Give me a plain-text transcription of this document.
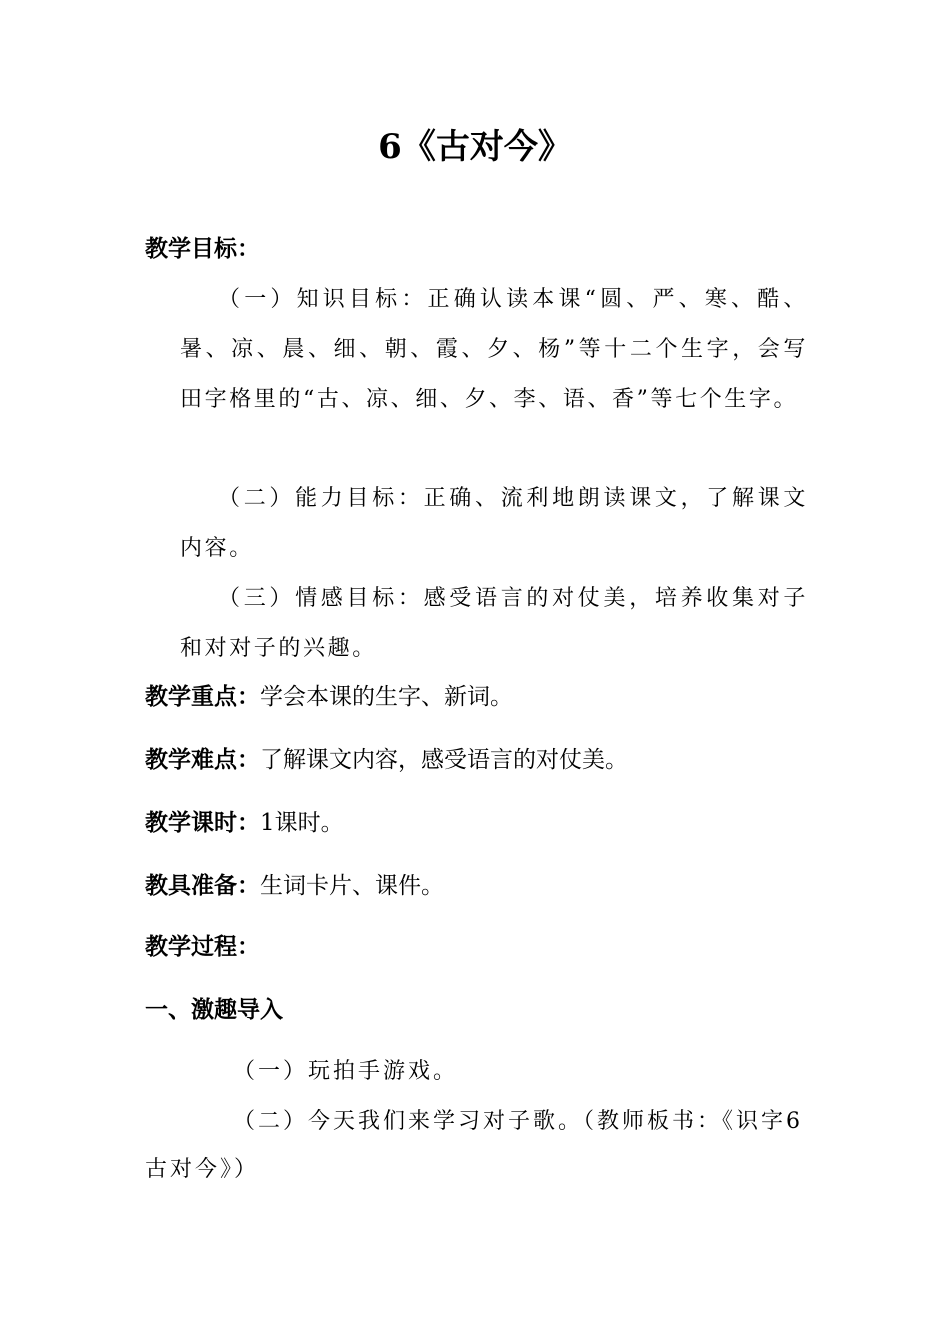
6《古对今》
教学目标：
（一）知识目标：正确认读本课“圆、严、寒、酷、暑、凉、晨、细、朝、霞、夕、杨”等十二个生字，会写田字格里的“古、凉、细、夕、李、语、香”等七个生字。
（二）能力目标：正确、流利地朗读课文，了解课文内容。
（三）情感目标：感受语言的对仗美，培养收集对子和对对子的兴趣。
教学重点：学会本课的生字、新词。
教学难点：了解课文内容，感受语言的对仗美。
教学课时：1课时。
教具准备：生词卡片、课件。
教学过程：
一、激趣导入
（一）玩拍手游戏。
（二）今天我们来学习对子歌。（教师板书：《识字6 古对今》）
